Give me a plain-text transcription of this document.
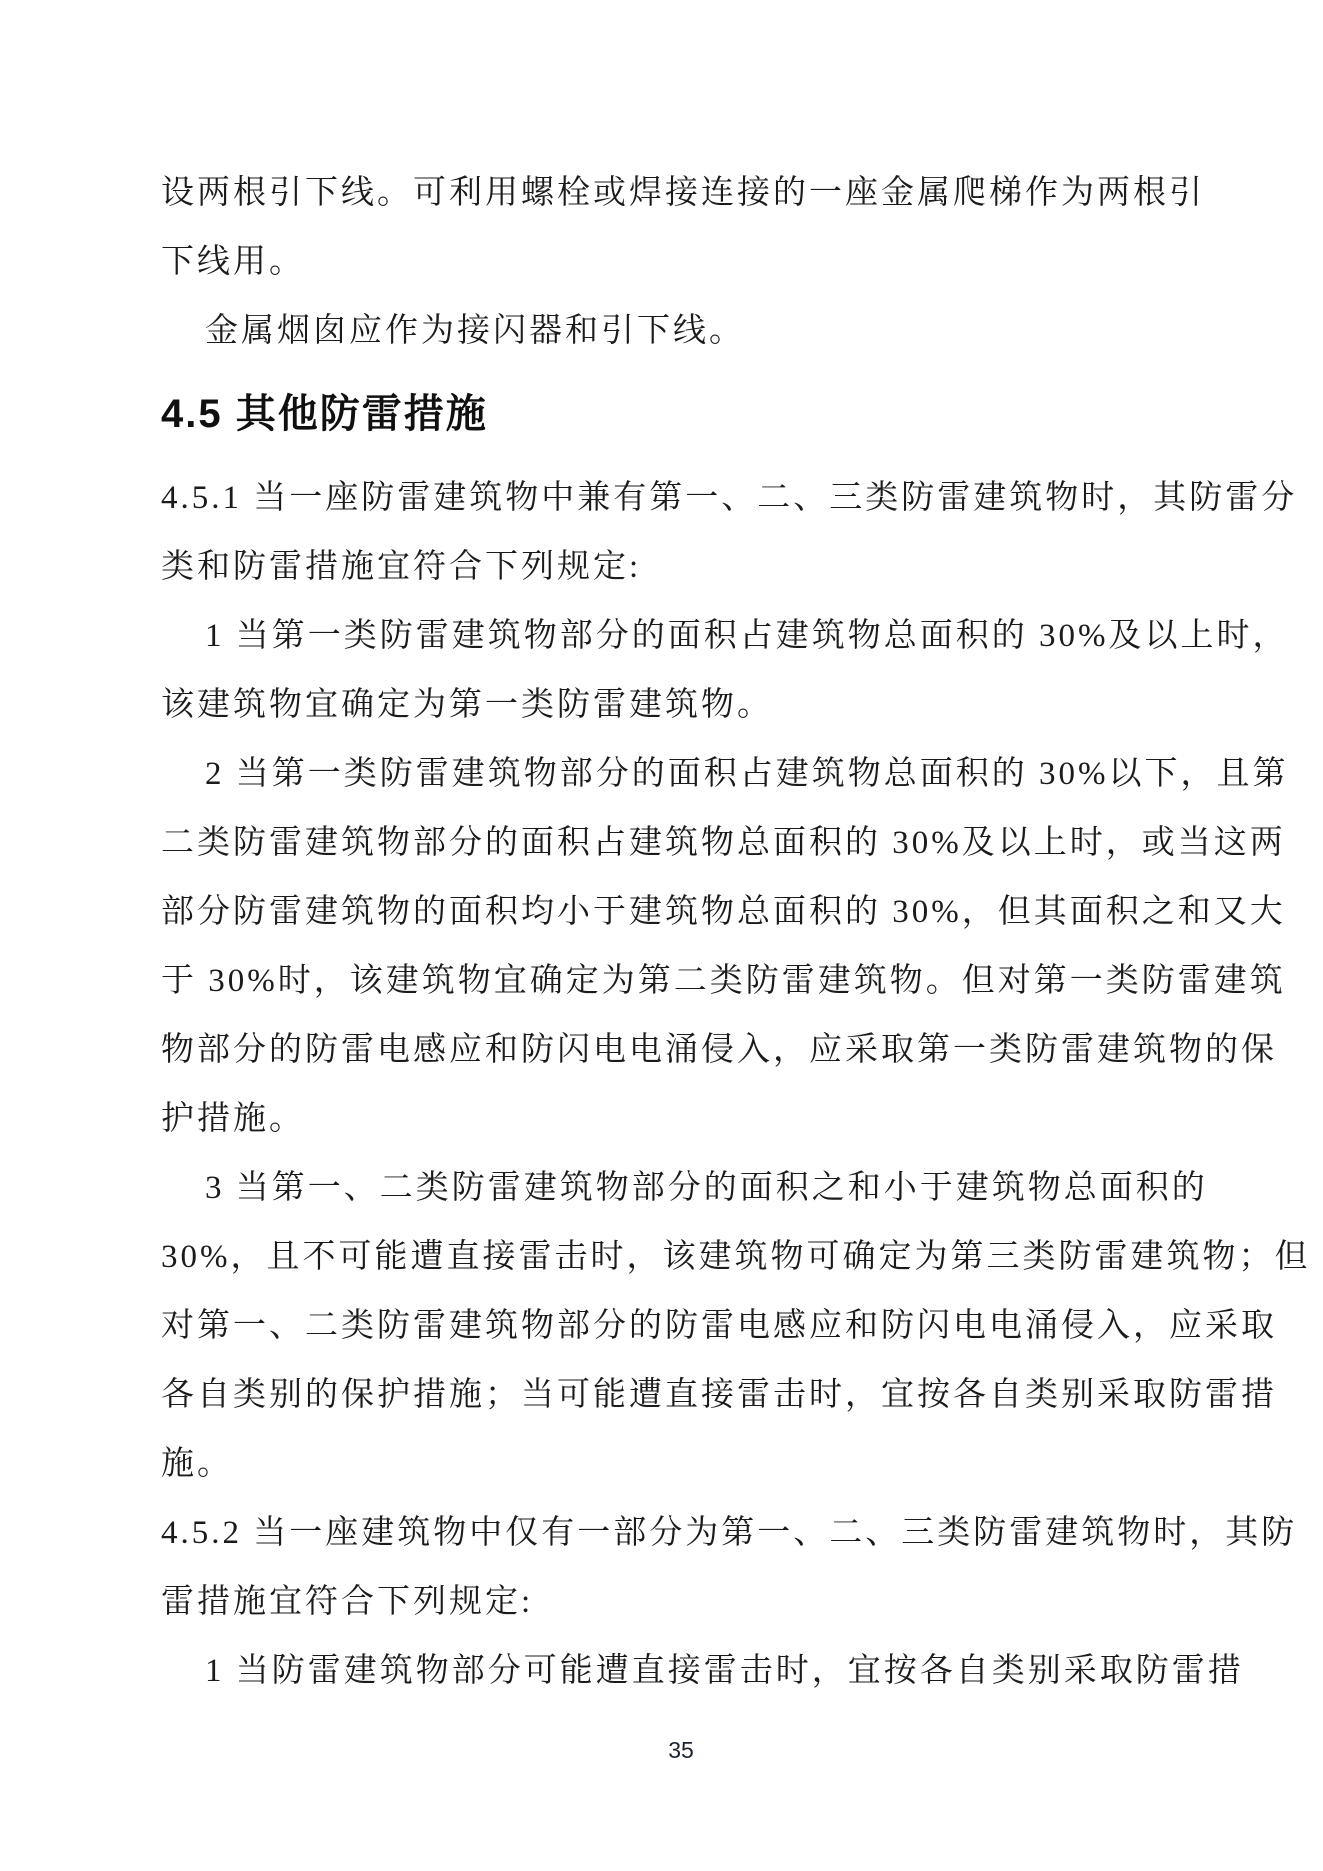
设两根引下线。可利用螺栓或焊接连接的一座金属爬梯作为两根引
下线用。
金属烟囱应作为接闪器和引下线。
4.5 其他防雷措施
4.5.1 当一座防雷建筑物中兼有第一、二、三类防雷建筑物时，其防雷分
类和防雷措施宜符合下列规定:
1 当第一类防雷建筑物部分的面积占建筑物总面积的 30%及以上时，
该建筑物宜确定为第一类防雷建筑物。
2 当第一类防雷建筑物部分的面积占建筑物总面积的 30%以下，且第
二类防雷建筑物部分的面积占建筑物总面积的 30%及以上时，或当这两
部分防雷建筑物的面积均小于建筑物总面积的 30%，但其面积之和又大
于 30%时，该建筑物宜确定为第二类防雷建筑物。但对第一类防雷建筑
物部分的防雷电感应和防闪电电涌侵入，应采取第一类防雷建筑物的保
护措施。
3 当第一、二类防雷建筑物部分的面积之和小于建筑物总面积的
30%，且不可能遭直接雷击时，该建筑物可确定为第三类防雷建筑物；但
对第一、二类防雷建筑物部分的防雷电感应和防闪电电涌侵入，应采取
各自类别的保护措施；当可能遭直接雷击时，宜按各自类别采取防雷措
施。
4.5.2 当一座建筑物中仅有一部分为第一、二、三类防雷建筑物时，其防
雷措施宜符合下列规定:
1 当防雷建筑物部分可能遭直接雷击时，宜按各自类别采取防雷措
35
